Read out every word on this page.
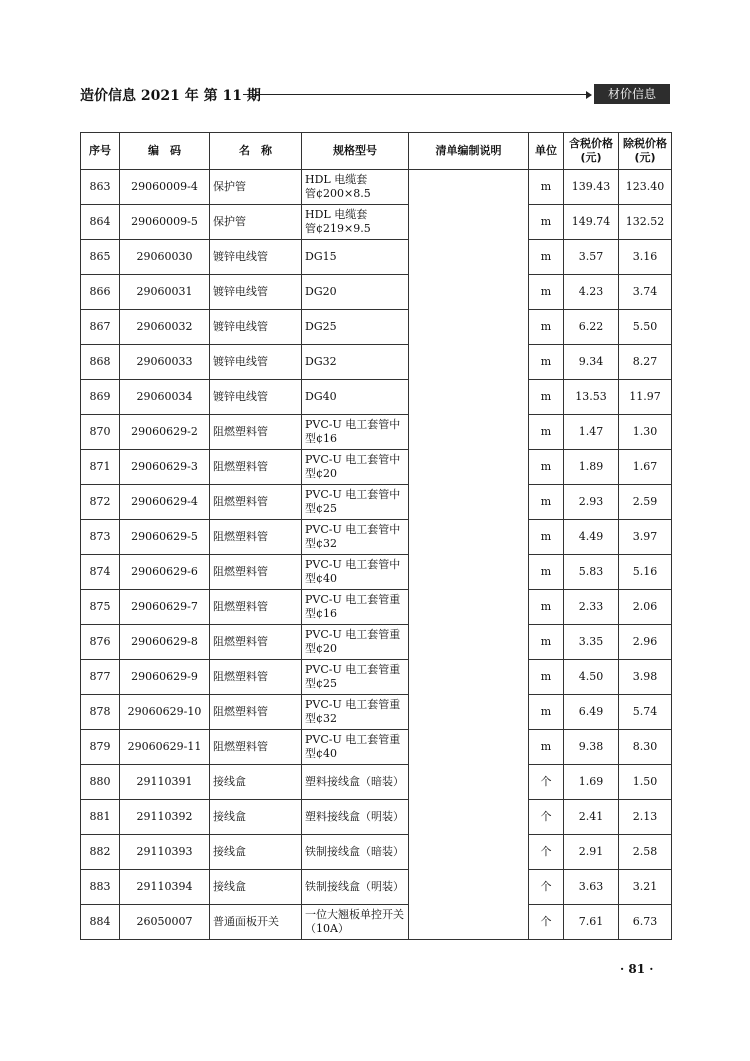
造价信息 2021 年 第 11 期	材价信息
序号	编　码	名　称	规格型号	清单编制说明	单位	含税价格(元)	除税价格(元)
863	29060009-4	保护管	HDL 电缆套管¢200×8.5		m	139.43	123.40
864	29060009-5	保护管	HDL 电缆套管¢219×9.5		m	149.74	132.52
865	29060030	镀锌电线管	DG15		m	3.57	3.16
866	29060031	镀锌电线管	DG20		m	4.23	3.74
867	29060032	镀锌电线管	DG25		m	6.22	5.50
868	29060033	镀锌电线管	DG32		m	9.34	8.27
869	29060034	镀锌电线管	DG40		m	13.53	11.97
870	29060629-2	阻燃塑料管	PVC-U 电工套管中型¢16		m	1.47	1.30
871	29060629-3	阻燃塑料管	PVC-U 电工套管中型¢20		m	1.89	1.67
872	29060629-4	阻燃塑料管	PVC-U 电工套管中型¢25		m	2.93	2.59
873	29060629-5	阻燃塑料管	PVC-U 电工套管中型¢32		m	4.49	3.97
874	29060629-6	阻燃塑料管	PVC-U 电工套管中型¢40		m	5.83	5.16
875	29060629-7	阻燃塑料管	PVC-U 电工套管重型¢16		m	2.33	2.06
876	29060629-8	阻燃塑料管	PVC-U 电工套管重型¢20		m	3.35	2.96
877	29060629-9	阻燃塑料管	PVC-U 电工套管重型¢25		m	4.50	3.98
878	29060629-10	阻燃塑料管	PVC-U 电工套管重型¢32		m	6.49	5.74
879	29060629-11	阻燃塑料管	PVC-U 电工套管重型¢40		m	9.38	8.30
880	29110391	接线盒	塑料接线盒（暗装）		个	1.69	1.50
881	29110392	接线盒	塑料接线盒（明装）		个	2.41	2.13
882	29110393	接线盒	铁制接线盒（暗装）		个	2.91	2.58
883	29110394	接线盒	铁制接线盒（明装）		个	3.63	3.21
884	26050007	普通面板开关	一位大翘板单控开关（10A）		个	7.61	6.73
· 81 ·
